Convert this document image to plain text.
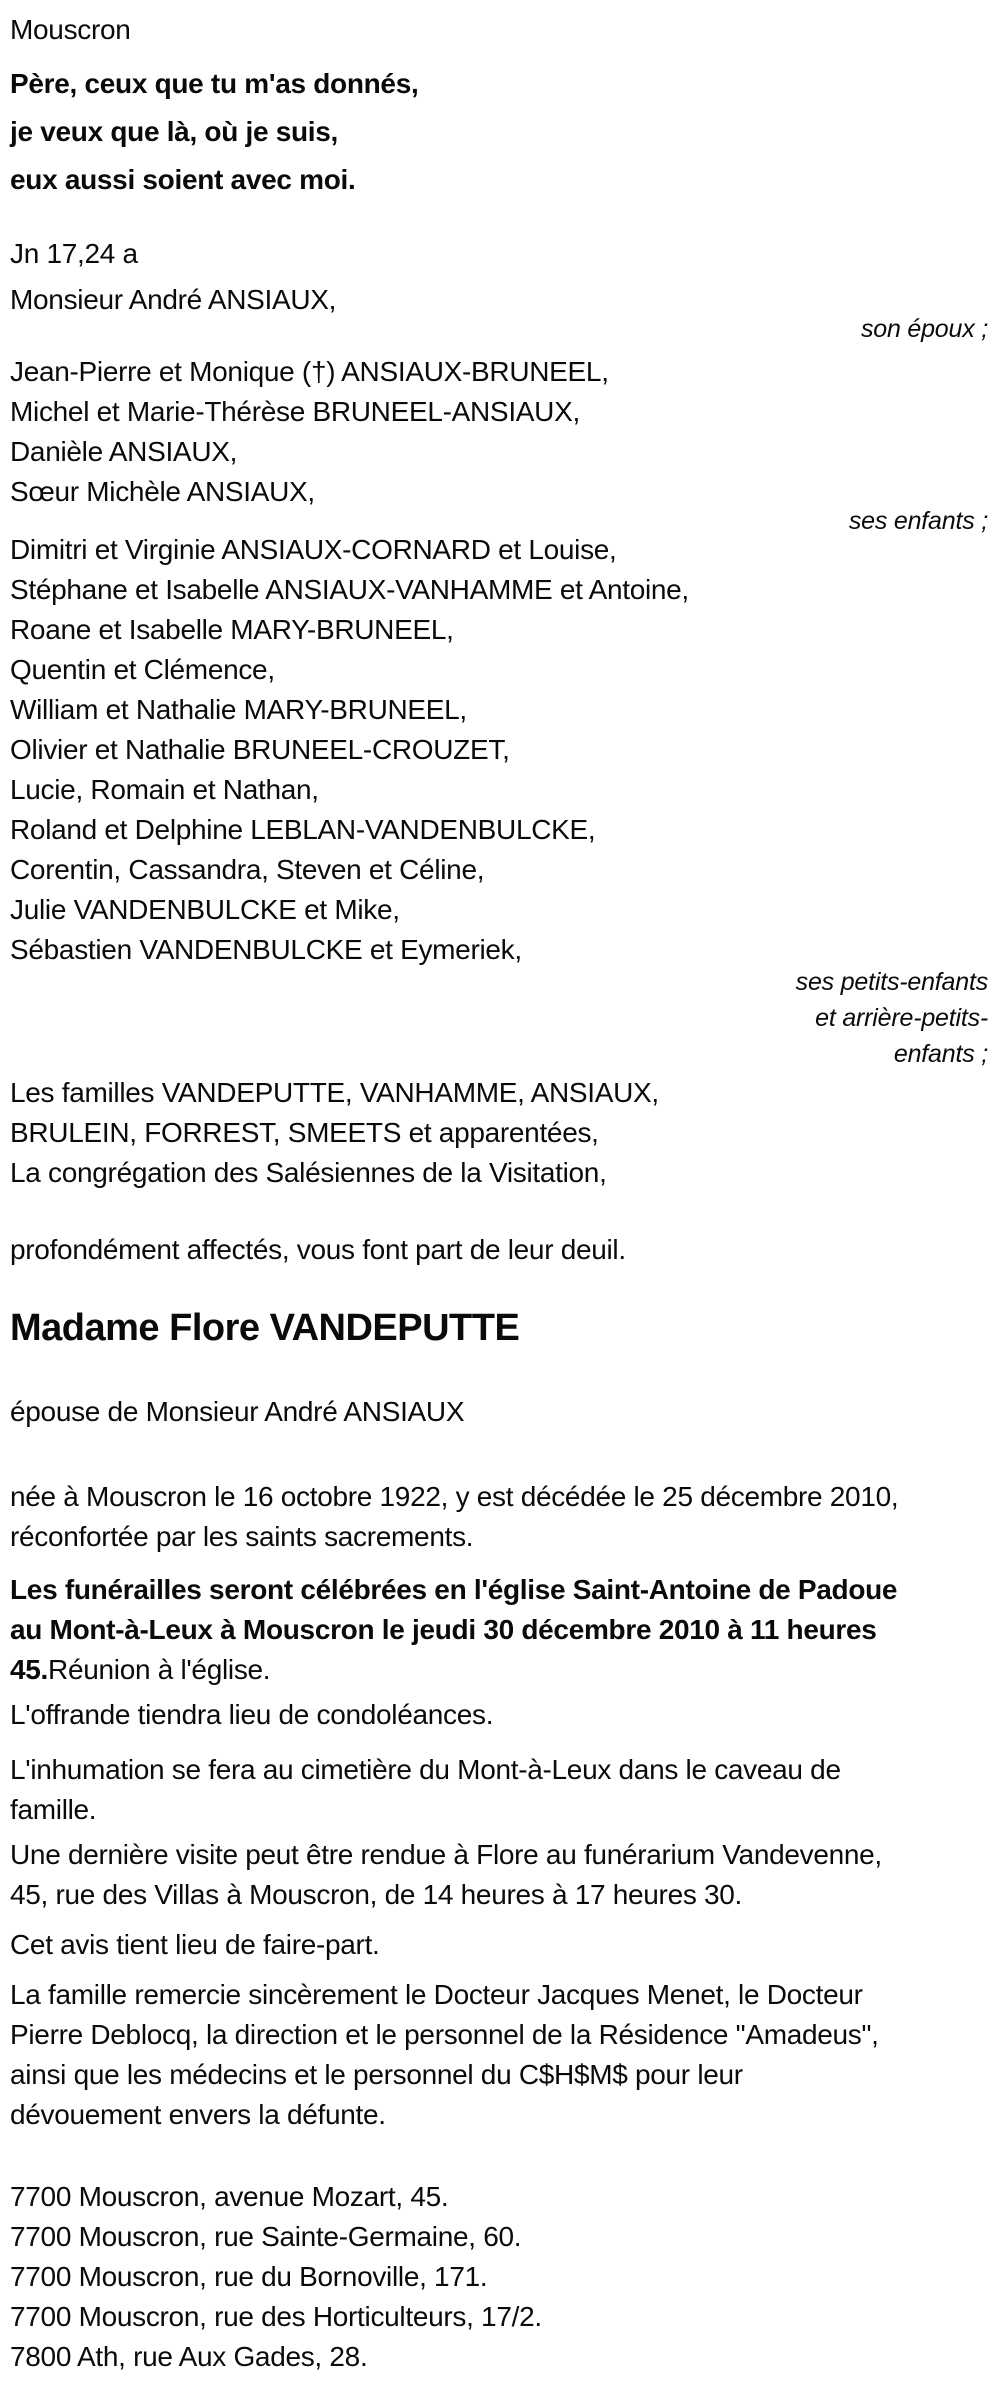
Mouscron
Père, ceux que tu m'as donnés,
je veux que là, où je suis,
eux aussi soient avec moi.
Jn 17,24 a
Monsieur André ANSIAUX,
son époux ;
Jean-Pierre et Monique (†) ANSIAUX-BRUNEEL,
Michel et Marie-Thérèse BRUNEEL-ANSIAUX,
Danièle ANSIAUX,
Sœur Michèle ANSIAUX,
ses enfants ;
Dimitri et Virginie ANSIAUX-CORNARD et Louise,
Stéphane et Isabelle ANSIAUX-VANHAMME et Antoine,
Roane et Isabelle MARY-BRUNEEL,
Quentin et Clémence,
William et Nathalie MARY-BRUNEEL,
Olivier et Nathalie BRUNEEL-CROUZET,
Lucie, Romain et Nathan,
Roland et Delphine LEBLAN-VANDENBULCKE,
Corentin, Cassandra, Steven et Céline,
Julie VANDENBULCKE et Mike,
Sébastien VANDENBULCKE et Eymeriek,
ses petits-enfants
et arrière-petits-
enfants ;
Les familles VANDEPUTTE, VANHAMME, ANSIAUX,
BRULEIN, FORREST, SMEETS et apparentées,
La congrégation des Salésiennes de la Visitation,
profondément affectés, vous font part de leur deuil.
Madame Flore VANDEPUTTE
épouse de Monsieur André ANSIAUX
née à Mouscron le 16 octobre 1922, y est décédée le 25 décembre 2010,
réconfortée par les saints sacrements.
Les funérailles seront célébrées en l'église Saint-Antoine de Padoue
au Mont-à-Leux à Mouscron le jeudi 30 décembre 2010 à 11 heures
45.Réunion à l'église.
L'offrande tiendra lieu de condoléances.
L'inhumation se fera au cimetière du Mont-à-Leux dans le caveau de
famille.
Une dernière visite peut être rendue à Flore au funérarium Vandevenne,
45, rue des Villas à Mouscron, de 14 heures à 17 heures 30.
Cet avis tient lieu de faire-part.
La famille remercie sincèrement le Docteur Jacques Menet, le Docteur
Pierre Deblocq, la direction et le personnel de la Résidence "Amadeus",
ainsi que les médecins et le personnel du C$H$M$ pour leur
dévouement envers la défunte.
7700 Mouscron, avenue Mozart, 45.
7700 Mouscron, rue Sainte-Germaine, 60.
7700 Mouscron, rue du Bornoville, 171.
7700 Mouscron, rue des Horticulteurs, 17/2.
7800 Ath, rue Aux Gades, 28.
